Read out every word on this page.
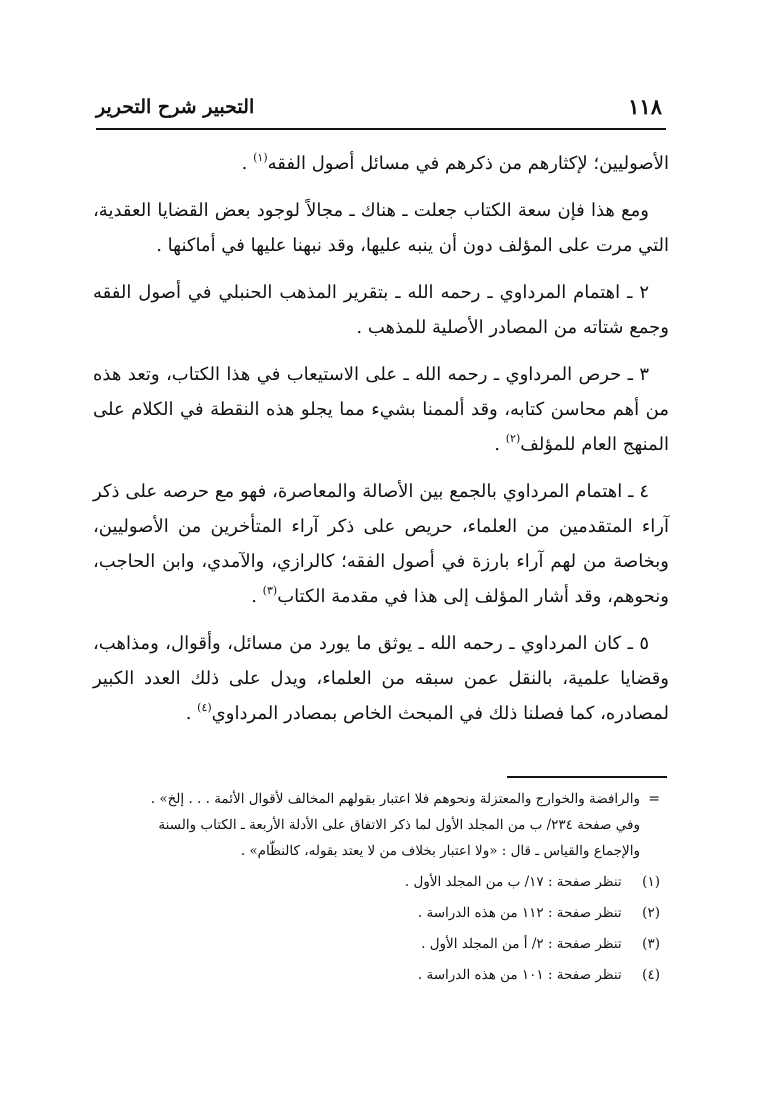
التحبير شرح التحرير	١١٨

الأصوليين؛ لإكثارهم من ذكرهم في مسائل أصول الفقه$^{(١)}$ .

ومع هذا فإن سعة الكتاب جعلت ـ هناك ـ مجالاً لوجود بعض القضايا العقدية، التي مرت على المؤلف دون أن ينبه عليها، وقد نبهنا عليها في أماكنها .

٢ ـ اهتمام المرداوي ـ رحمه الله ـ بتقرير المذهب الحنبلي في أصول الفقه وجمع شتاته من المصادر الأصلية للمذهب .

٣ ـ حرص المرداوي ـ رحمه الله ـ على الاستيعاب في هذا الكتاب، وتعد هذه من أهم محاسن كتابه، وقد ألممنا بشيء مما يجلو هذه النقطة في الكلام على المنهج العام للمؤلف$^{(٢)}$ .

٤ ـ اهتمام المرداوي بالجمع بين الأصالة والمعاصرة، فهو مع حرصه على ذكر آراء المتقدمين من العلماء، حريص على ذكر آراء المتأخرين من الأصوليين، وبخاصة من لهم آراء بارزة في أصول الفقه؛ كالرازي، والآمدي، وابن الحاجب، ونحوهم، وقد أشار المؤلف إلى هذا في مقدمة الكتاب$^{(٣)}$ .

٥ ـ كان المرداوي ـ رحمه الله ـ يوثق ما يورد من مسائل، وأقوال، ومذاهب، وقضايا علمية، بالنقل عمن سبقه من العلماء، ويدل على ذلك العدد الكبير لمصادره، كما فصلنا ذلك في المبحث الخاص بمصادر المرداوي$^{(٤)}$ .

=
والرافضة والخوارج والمعتزلة ونحوهم فلا اعتبار بقولهم المخالف لأقوال الأئمة . . . إلخ» .
وفي صفحة ٢٣٤/ ب من المجلد الأول لما ذكر الاتفاق على الأدلة الأربعة ـ الكتاب والسنة
والإجماع والقياس ـ قال : «ولا اعتبار بخلاف من لا يعتد بقوله، كالنظّام» .
(١) تنظر صفحة : ١٧/ ب من المجلد الأول .
(٢) تنظر صفحة : ١١٢ من هذه الدراسة .
(٣) تنظر صفحة : ٢/ أ من المجلد الأول .
(٤) تنظر صفحة : ١٠١ من هذه الدراسة .
